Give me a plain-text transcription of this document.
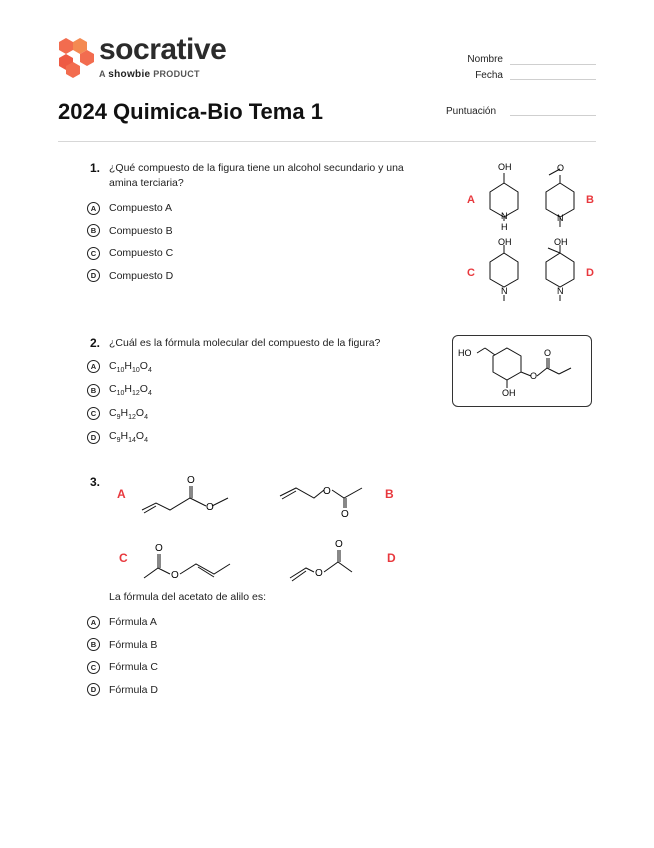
socrative
A showbie PRODUCT
Nombre
Fecha
2024 Quimica-Bio Tema 1	Puntuación
1. ¿Qué compuesto de la figura tiene un alcohol secundario y una
amina terciaria?
A	Compuesto A
B	Compuesto B
C	Compuesto C
D	Compuesto D
OH
N
H
O
N
OH
N
OH
N
A	B
C	D
2. ¿Cuál es la fórmula molecular del compuesto de la figura?
A	$C_{10}H_{10}O_4$
B	$C_{10}H_{12}O_4$
C	$C_9H_{12}O_4$
D	$C_9H_{14}O_4$
HO
OH
O
O
3.	O
O
O
O
O
O
O
O
A	B
C	D
La fórmula del acetato de alilo es:
A	Fórmula A
B	Fórmula B
C	Fórmula C
D	Fórmula D
